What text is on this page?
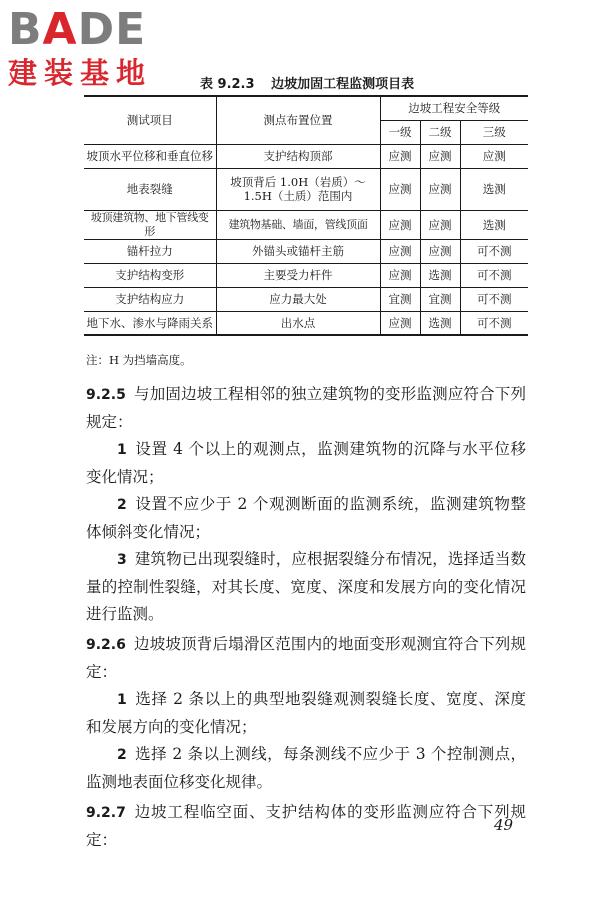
BADE
建装基地	表 9.2.3 边坡加固工程监测项目表
测试项目	测点布置位置	边坡工程安全等级		
		一级	二级	三级
坡顶水平位移和垂直位移	支护结构顶部	应测	应测	应测
地表裂缝	坡顶背后 1.0H（岩质）～
1.5H（土质）范围内	应测	应测	选测
坡顶建筑物、地下管线变形	建筑物基础、墙面，管线顶面	应测	应测	选测
锚杆拉力	外锚头或锚杆主筋	应测	应测	可不测
支护结构变形	主要受力杆件	应测	选测	可不测
支护结构应力	应力最大处	宜测	宜测	可不测
地下水、渗水与降雨关系	出水点	应测	选测	可不测
注：H 为挡墙高度。

9.2.5 与加固边坡工程相邻的独立建筑物的变形监测应符合下列规定：

1 设置 4 个以上的观测点，监测建筑物的沉降与水平位移变化情况；

2 设置不应少于 2 个观测断面的监测系统，监测建筑物整体倾斜变化情况；

3 建筑物已出现裂缝时，应根据裂缝分布情况，选择适当数量的控制性裂缝，对其长度、宽度、深度和发展方向的变化情况进行监测。

9.2.6 边坡坡顶背后塌滑区范围内的地面变形观测宜符合下列规定：

1 选择 2 条以上的典型地裂缝观测裂缝长度、宽度、深度和发展方向的变化情况；

2 选择 2 条以上测线，每条测线不应少于 3 个控制测点，监测地表面位移变化规律。

9.2.7 边坡工程临空面、支护结构体的变形监测应符合下列规定：

49
